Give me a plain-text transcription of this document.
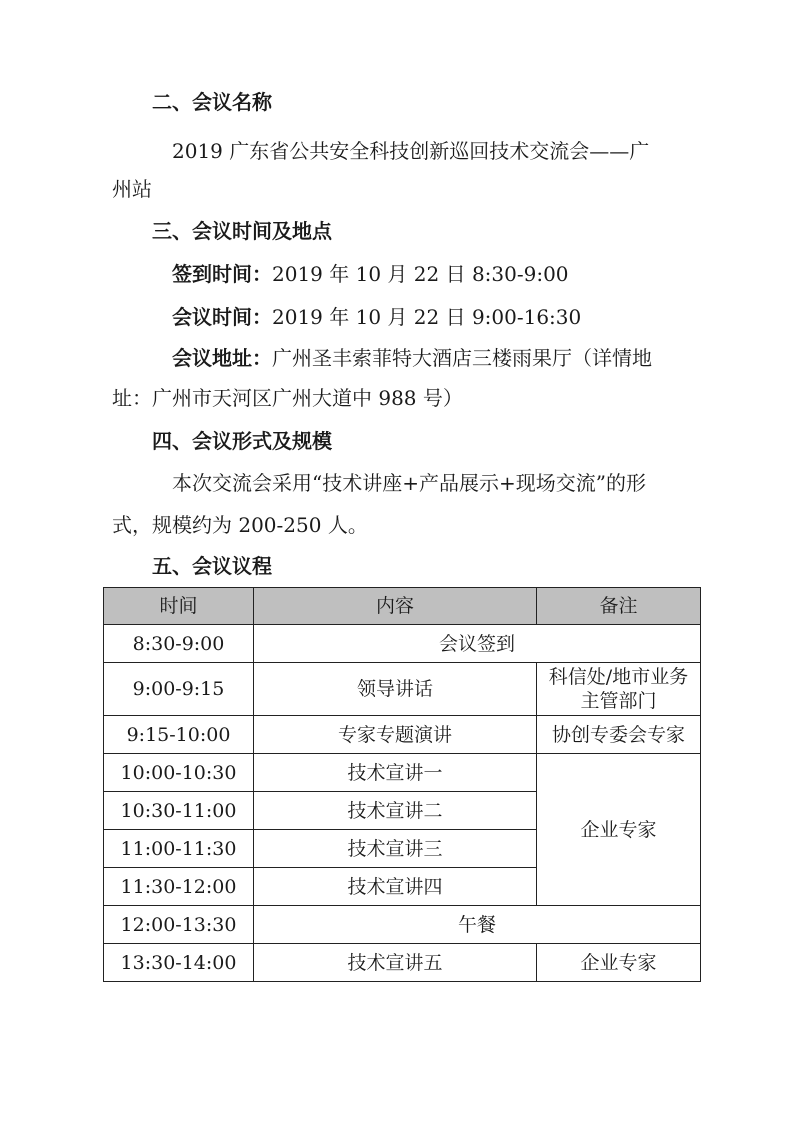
二、会议名称
2019 广东省公共安全科技创新巡回技术交流会——广
州站
三、会议时间及地点
签到时间：2019 年 10 月 22 日 8:30-9:00
会议时间：2019 年 10 月 22 日 9:00-16:30
会议地址：广州圣丰索菲特大酒店三楼雨果厅（详情地
址：广州市天河区广州大道中 988 号）
四、会议形式及规模
本次交流会采用“技术讲座+产品展示+现场交流”的形
式，规模约为 200-250 人。
五、会议议程
时间	内容	备注
8:30-9:00	会议签到	
9:00-9:15	领导讲话	科信处/地市业务主管部门
9:15-10:00	专家专题演讲	协创专委会专家
10:00-10:30	技术宣讲一	企业专家
10:30-11:00	技术宣讲二	
11:00-11:30	技术宣讲三	
11:30-12:00	技术宣讲四	
12:00-13:30	午餐	
13:30-14:00	技术宣讲五	企业专家
